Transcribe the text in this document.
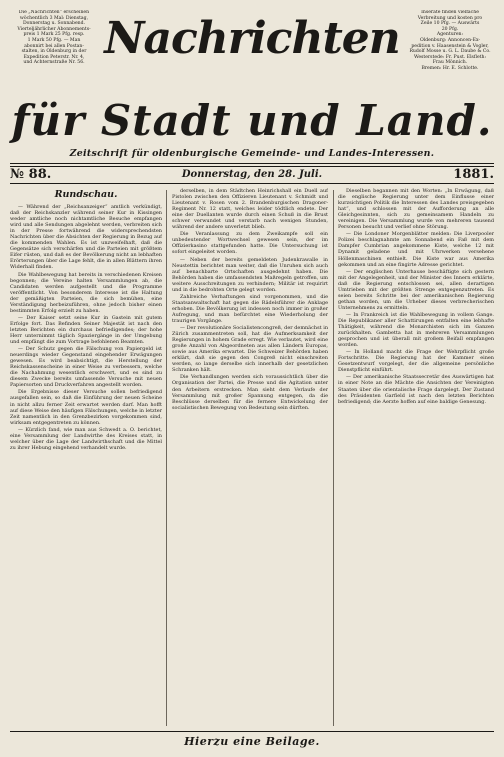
Die „Nachrichten“ erscheinen

wöchentlich 3 Mal: Dienstag,

Donnerstag u. Sonnabend.

Vierteljährlicher Abonnements-

preis 1 Mark 25 Pfg. resp.

1 Mark 50 Pfg. — Man

abonnirt bei allen Postan-

stalten, in Oldenburg in der

Expedition Peterstr. Nr. 4,

und Achternstraße Nr. 56.

Inserate finden vielfache

Verbreitung und kosten pro

Zeile 10 Pfg. — Auswärts

20 Pfg.

Agenturen:

Oldenburg: Annoncen-Ex-

pedition v. Haasenstein & Vogler,

Rudolf Mosse u. G. L. Daube & Co.

Westerstede: Fr. Pust. Elsfleth:

Frau Mönnich.

Bremen: Hr. E. Schlotte.

Nachrichten
für Stadt und Land.
Zeitschrift für oldenburgische Gemeinde- und Landes-Interessen.
Donnerstag, den 28. Juli.
№ 88.	1881.
Rundschau.

— Während der „Reichsanzeiger“ amtlich verkündigt, daß der Reichskanzler während seiner Kur in Kissingen weder amtliche noch nichtamtliche Besuche empfangen wird und alle Sendungen abgelehnt werden, verbreiten sich in der Presse fortwährend die widersprechendsten Nachrichten über die Absichten der Regierung in Bezug auf die kommenden Wahlen. Es ist unzweifelhaft, daß die Gegensätze sich verschärfen und die Parteien mit größtem Eifer rüsten, und daß es der Bevölkerung nicht an lebhaften Erörterungen über die Lage fehlt, die in allen Blättern ihren Widerhall finden.

Die Wahlbewegung hat bereits in verschiedenen Kreisen begonnen; die Vereine halten Versammlungen ab, die Candidaten werden aufgestellt und die Programme veröffentlicht. Von besonderem Interesse ist die Haltung der gemäßigten Parteien, die sich bemühen, eine Verständigung herbeizuführen, ohne jedoch bisher einen bestimmten Erfolg erzielt zu haben.

— Der Kaiser setzt seine Kur in Gastein mit gutem Erfolge fort. Das Befinden Seiner Majestät ist nach den letzten Berichten ein durchaus befriedigendes; der hohe Herr unternimmt täglich Spaziergänge in der Umgebung und empfängt die zum Vortrage befohlenen Beamten.

— Der Schutz gegen die Fälschung von Papiergeld ist neuerdings wieder Gegenstand eingehender Erwägungen gewesen. Es wird beabsichtigt, die Herstellung der Reichskassenscheine in einer Weise zu verbessern, welche die Nachahmung wesentlich erschwert, und es sind zu diesem Zwecke bereits umfassende Versuche mit neuen Papiersorten und Druckverfahren angestellt worden.

Die Ergebnisse dieser Versuche sollen befriedigend ausgefallen sein, so daß die Einführung der neuen Scheine in nicht allzu ferner Zeit erwartet werden darf. Man hofft auf diese Weise den häufigen Fälschungen, welche in letzter Zeit namentlich in den Grenzbezirken vorgekommen sind, wirksam entgegentreten zu können.

— Kürzlich fand, wie man aus Schwedt a. O. berichtet, eine Versammlung der Landwirthe des Kreises statt, in welcher über die Lage der Landwirthschaft und die Mittel zu ihrer Hebung eingehend verhandelt wurde.

derselben, in dem Städtchen Heinrichshall ein Duell auf Pistolen zwischen den Offizieren Lieutenant v. Schmidt und Lieutenant v. Rosen vom 2. Brandenburgischen Dragoner-Regiment Nr. 12 statt, welches leider tödtlich endete. Der eine der Duellanten wurde durch einen Schuß in die Brust schwer verwundet und verstarb nach wenigen Stunden, während der andere unverletzt blieb.

Die Veranlassung zu dem Zweikampfe soll ein unbedeutender Wortwechsel gewesen sein, der im Offizierkasino stattgefunden hatte. Die Untersuchung ist sofort eingeleitet worden.

— Neben der bereits gemeldeten Judenkrawalle in Neustettin berichtet man weiter, daß die Unruhen sich auch auf benachbarte Ortschaften ausgedehnt haben. Die Behörden haben die umfassendsten Maßregeln getroffen, um weitere Ausschreitungen zu verhindern; Militär ist requirirt und in die bedrohten Orte gelegt worden.

Zahlreiche Verhaftungen sind vorgenommen, und die Staatsanwaltschaft hat gegen die Rädelsführer die Anklage erhoben. Die Bevölkerung ist indessen noch immer in großer Aufregung, und man befürchtet eine Wiederholung der traurigen Vorgänge.

— Der revolutionäre Socialistencongreß, der demnächst in Zürich zusammentreten soll, hat die Aufmerksamkeit der Regierungen in hohem Grade erregt. Wie verlautet, wird eine große Anzahl von Abgeordneten aus allen Ländern Europas, sowie aus Amerika erwartet. Die Schweizer Behörden haben erklärt, daß sie gegen den Congreß nicht einschreiten werden, so lange derselbe sich innerhalb der gesetzlichen Schranken hält.

Die Verhandlungen werden sich voraussichtlich über die Organisation der Partei, die Presse und die Agitation unter den Arbeitern erstrecken. Man sieht dem Verlaufe der Versammlung mit großer Spannung entgegen, da die Beschlüsse derselben für die fernere Entwickelung der socialistischen Bewegung von Bedeutung sein dürften.

Dieselben begannen mit den Worten: „In Erwägung, daß die englische Regierung unter dem Einflusse einer kurzsichtigen Politik die Interessen des Landes preisgegeben hat“, und schlossen mit der Aufforderung an alle Gleichgesinnten, sich zu gemeinsamem Handeln zu vereinigen. Die Versammlung wurde von mehreren tausend Personen besucht und verlief ohne Störung.

— Die Londoner Morgenblätter melden: Die Liverpooler Polizei beschlagnahmte am Sonnabend ein Faß mit dem Dampfer Cumbrian angekommene Kiste, welche 12 mit Dynamit geladene und mit Uhrwerken versehene Höllenmaschinen enthielt. Die Kiste war aus Amerika gekommen und an eine fingirte Adresse gerichtet.

— Der englischen Unterhause beschäftigte sich gestern mit der Angelegenheit, und der Minister des Innern erklärte, daß die Regierung entschlossen sei, allen derartigen Umtrieben mit der größten Strenge entgegenzutreten. Es seien bereits Schritte bei der amerikanischen Regierung gethan worden, um die Urheber dieses verbrecherischen Unternehmens zu ermitteln.

— In Frankreich ist die Wahlbewegung in vollem Gange. Die Republikaner aller Schattirungen entfalten eine lebhafte Thätigkeit, während die Monarchisten sich im Ganzen zurückhalten. Gambetta hat in mehreren Versammlungen gesprochen und ist überall mit großem Beifall empfangen worden.

— In Holland macht die Frage der Wehrpflicht große Fortschritte. Die Regierung hat der Kammer einen Gesetzentwurf vorgelegt, der die allgemeine persönliche Dienstpflicht einführt.

— Der amerikanische Staatssecretär des Auswärtigen hat in einer Note an die Mächte die Ansichten der Vereinigten Staaten über die orientalische Frage dargelegt. Der Zustand des Präsidenten Garfield ist nach den letzten Berichten befriedigend; die Aerzte hoffen auf eine baldige Genesung.

Hierzu eine Beilage.
